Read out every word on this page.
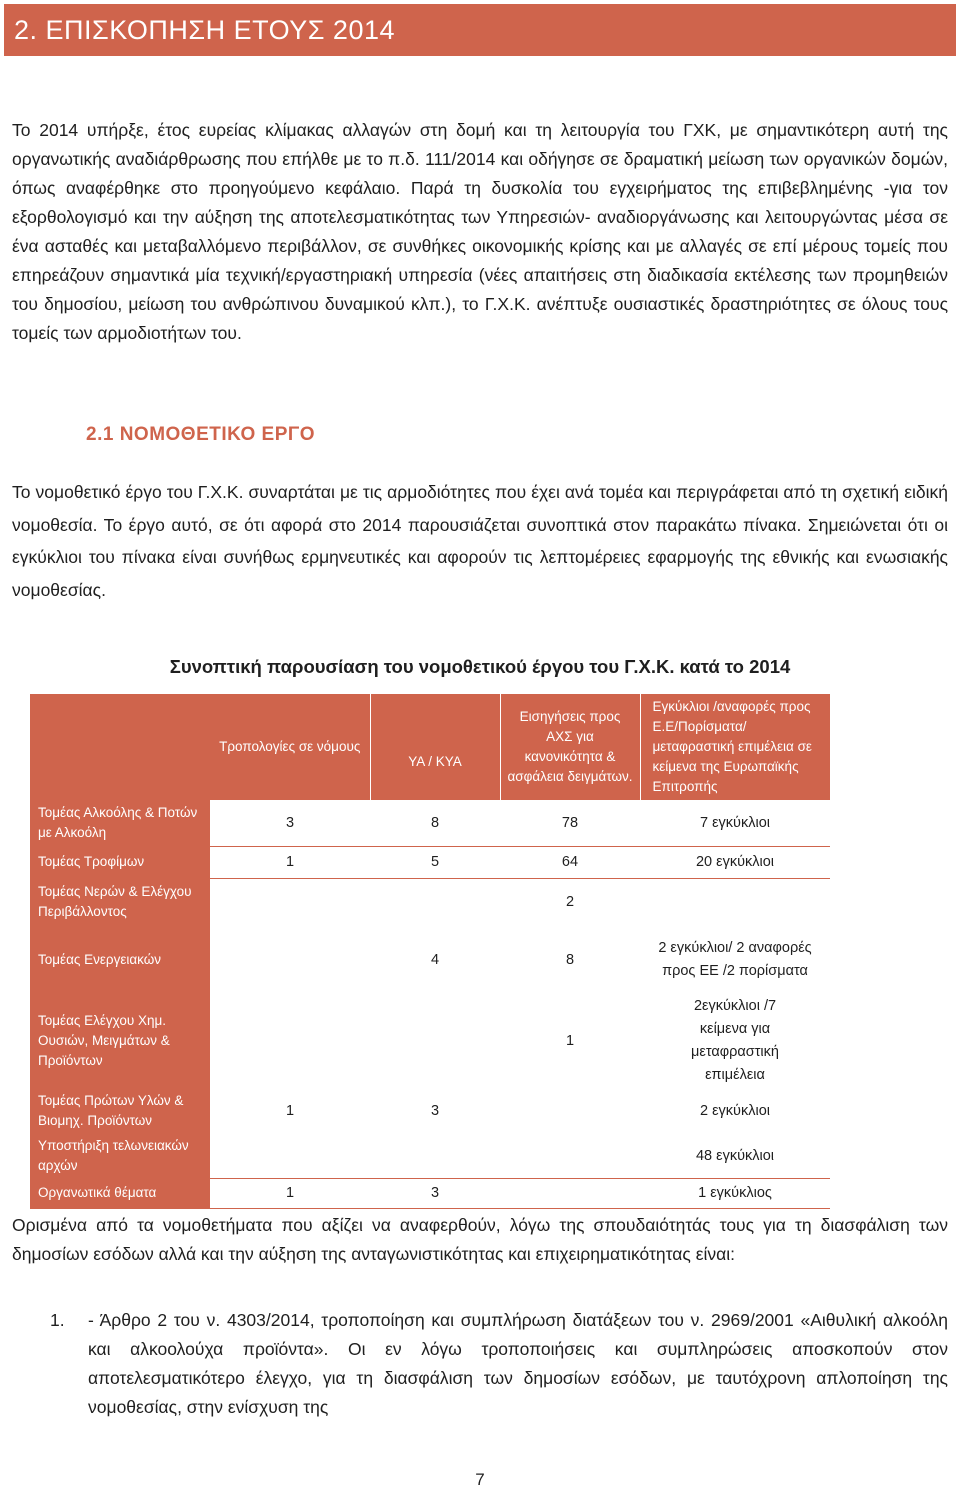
2. ΕΠΙΣΚΟΠΗΣΗ ΕΤΟΥΣ 2014
Το 2014 υπήρξε, έτος ευρείας κλίμακας αλλαγών στη δομή και τη λειτουργία του ΓΧΚ, με σημαντικότερη αυτή της οργανωτικής αναδιάρθρωσης που επήλθε με το π.δ. 111/2014 και οδήγησε σε δραματική μείωση των οργανικών δομών, όπως αναφέρθηκε στο προηγούμενο κεφάλαιο. Παρά τη δυσκολία του εγχειρήματος της επιβεβλημένης -για τον εξορθολογισμό και την αύξηση της αποτελεσματικότητας των Υπηρεσιών- αναδιοργάνωσης και λειτουργώντας μέσα σε ένα ασταθές και μεταβαλλόμενο περιβάλλον, σε συνθήκες οικονομικής κρίσης και με αλλαγές σε επί μέρους τομείς που επηρεάζουν σημαντικά μία τεχνική/εργαστηριακή υπηρεσία (νέες απαιτήσεις στη διαδικασία εκτέλεσης των προμηθειών του δημοσίου, μείωση του ανθρώπινου δυναμικού κλπ.), το Γ.Χ.Κ. ανέπτυξε ουσιαστικές δραστηριότητες σε όλους τους τομείς των αρμοδιοτήτων του.
2.1 ΝΟΜΟΘΕΤΙΚΟ ΕΡΓΟ
Το νομοθετικό έργο του Γ.Χ.Κ. συναρτάται με τις αρμοδιότητες που έχει ανά τομέα και περιγράφεται από τη σχετική ειδική νομοθεσία. Το έργο αυτό, σε ότι αφορά στο 2014 παρουσιάζεται συνοπτικά στον παρακάτω πίνακα. Σημειώνεται ότι οι εγκύκλιοι του πίνακα είναι συνήθως ερμηνευτικές και αφορούν τις λεπτομέρειες εφαρμογής της εθνικής και ενωσιακής νομοθεσίας.
Συνοπτική παρουσίαση του νομοθετικού έργου του Γ.Χ.Κ. κατά το 2014
	Τροπολογίες σε νόμους	ΥΑ / ΚΥΑ	Εισηγήσεις προς ΑΧΣ για κανονικότητα & ασφάλεια δειγμάτων.	Εγκύκλιοι /αναφορές προς Ε.Ε/Πορίσματα/ μεταφραστική επιμέλεια σε κείμενα της Ευρωπαϊκής Επιτροπής
Τομέας Αλκοόλης & Ποτών με Αλκοόλη	3	8	78	7 εγκύκλιοι
Τομέας Τροφίμων	1	5	64	20 εγκύκλιοι
Τομέας Νερών & Ελέγχου Περιβάλλοντος			2	
Τομέας Ενεργειακών		4	8	2 εγκύκλιοι/ 2 αναφορές προς ΕΕ /2 πορίσματα
Τομέας Ελέγχου Χημ. Ουσιών, Μειγμάτων & Προϊόντων			1	2εγκύκλιοι /7 κείμενα για μεταφραστική επιμέλεια
Τομέας Πρώτων Υλών & Βιομηχ. Προϊόντων	1	3		2 εγκύκλιοι
Υποστήριξη τελωνειακών αρχών				48 εγκύκλιοι
Οργανωτικά θέματα	1	3		1 εγκύκλιος
Ορισμένα από τα νομοθετήματα που αξίζει να αναφερθούν, λόγω της σπουδαιότητάς τους για τη διασφάλιση των δημοσίων εσόδων αλλά και την αύξηση της ανταγωνιστικότητας και επιχειρηματικότητας είναι:
1. - Άρθρο 2 του ν. 4303/2014, τροποποίηση και συμπλήρωση διατάξεων του ν. 2969/2001 «Αιθυλική αλκοόλη και αλκοολούχα προϊόντα». Οι εν λόγω τροποποιήσεις και συμπληρώσεις αποσκοπούν στον αποτελεσματικότερο έλεγχο, για τη διασφάλιση των δημοσίων εσόδων, με ταυτόχρονη απλοποίηση της νομοθεσίας, στην ενίσχυση της
7
